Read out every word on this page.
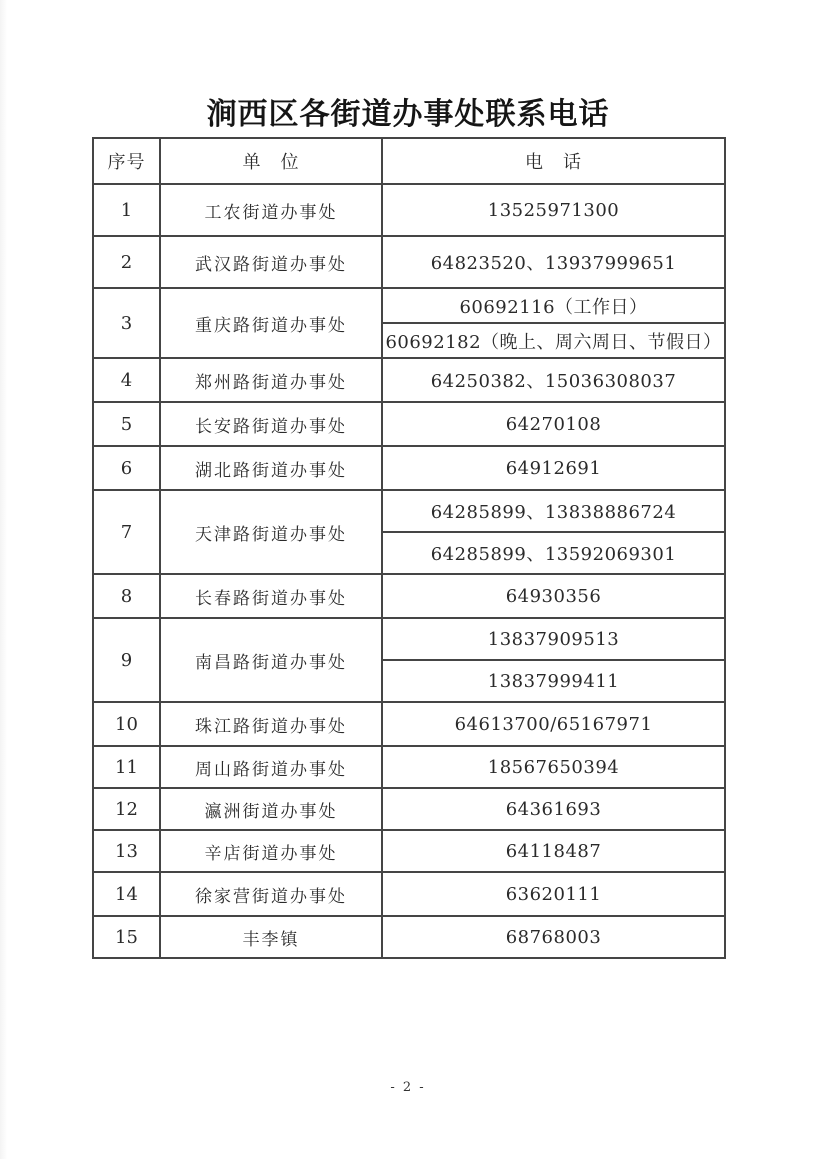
涧西区各街道办事处联系电话
序号	单　位	电　话
1	工农街道办事处	13525971300
2	武汉路街道办事处	64823520、13937999651
3	重庆路街道办事处	60692116（工作日）
		60692182（晚上、周六周日、节假日）
4	郑州路街道办事处	64250382、15036308037
5	长安路街道办事处	64270108
6	湖北路街道办事处	64912691
7	天津路街道办事处	64285899、13838886724
		64285899、13592069301
8	长春路街道办事处	64930356
9	南昌路街道办事处	13837909513
		13837999411
10	珠江路街道办事处	64613700/65167971
11	周山路街道办事处	18567650394
12	瀛洲街道办事处	64361693
13	辛店街道办事处	64118487
14	徐家营街道办事处	63620111
15	丰李镇	68768003
- 2 -
